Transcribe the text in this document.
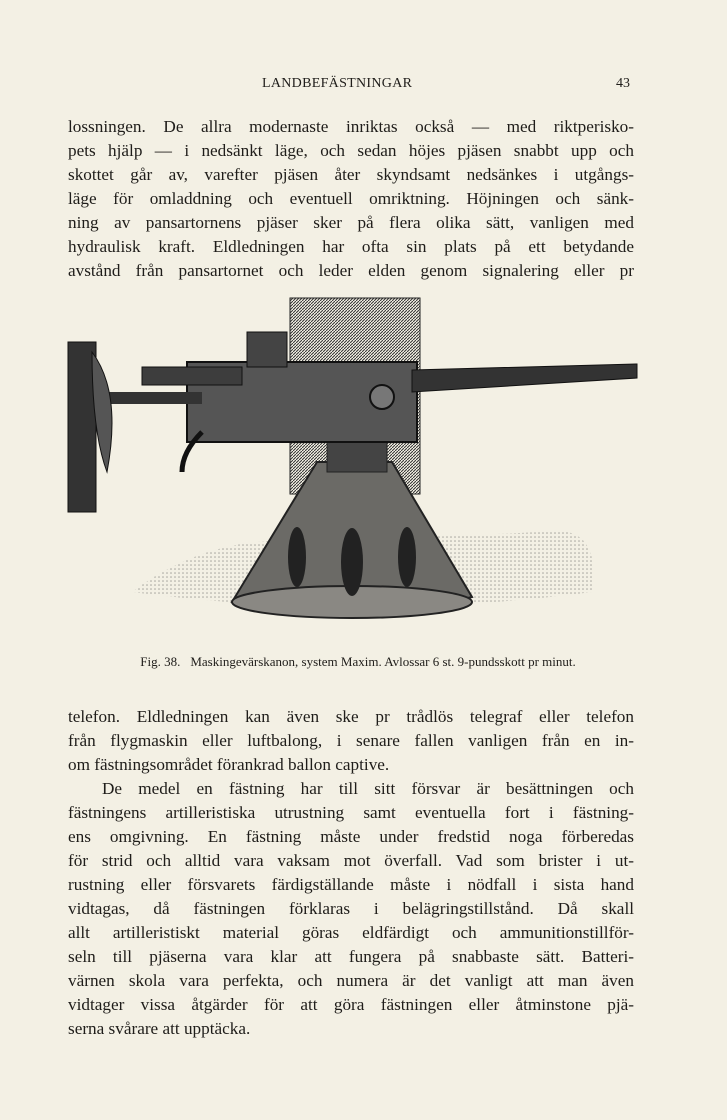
LANDBEFÄSTNINGAR	43
lossningen. De allra modernaste inriktas också — med riktperisko-
pets hjälp — i nedsänkt läge, och sedan höjes pjäsen snabbt upp och
skottet går av, varefter pjäsen åter skyndsamt nedsänkes i utgångs-
läge för omladdning och eventuell omriktning. Höjningen och sänk-
ning av pansartornens pjäser sker på flera olika sätt, vanligen med
hydraulisk kraft. Eldledningen har ofta sin plats på ett betydande
avstånd från pansartornet och leder elden genom signalering eller pr
Fig. 38. Maskingevärskanon, system Maxim. Avlossar 6 st. 9-pundsskott pr minut.
telefon. Eldledningen kan även ske pr trådlös telegraf eller telefon
från flygmaskin eller luftbalong, i senare fallen vanligen från en in-
om fästningsområdet förankrad ballon captive.
De medel en fästning har till sitt försvar är besättningen och
fästningens artilleristiska utrustning samt eventuella fort i fästning-
ens omgivning. En fästning måste under fredstid noga förberedas
för strid och alltid vara vaksam mot överfall. Vad som brister i ut-
rustning eller försvarets färdigställande måste i nödfall i sista hand
vidtagas, då fästningen förklaras i belägringstillstånd. Då skall
allt artilleristiskt material göras eldfärdigt och ammunitionstillför-
seln till pjäserna vara klar att fungera på snabbaste sätt. Batteri-
värnen skola vara perfekta, och numera är det vanligt att man även
vidtager vissa åtgärder för att göra fästningen eller åtminstone pjä-
serna svårare att upptäcka.
